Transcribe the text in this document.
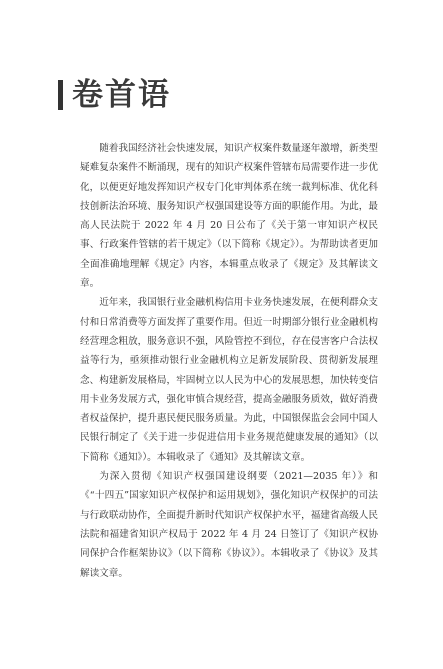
卷首语

随着我国经济社会快速发展，知识产权案件数量逐年激增，新类型疑难复杂案件不断涌现，现有的知识产权案件管辖布局需要作进一步优化，以便更好地发挥知识产权专门化审判体系在统一裁判标准、优化科技创新法治环境、服务知识产权强国建设等方面的职能作用。为此，最高人民法院于 2022 年 4 月 20 日公布了《关于第一审知识产权民事、行政案件管辖的若干规定》（以下简称《规定》）。为帮助读者更加全面准确地理解《规定》内容，本辑重点收录了《规定》及其解读文章。

近年来，我国银行业金融机构信用卡业务快速发展，在便利群众支付和日常消费等方面发挥了重要作用。但近一时期部分银行业金融机构经营理念粗放，服务意识不强，风险管控不到位，存在侵害客户合法权益等行为，亟须推动银行业金融机构立足新发展阶段、贯彻新发展理念、构建新发展格局，牢固树立以人民为中心的发展思想，加快转变信用卡业务发展方式，强化审慎合规经营，提高金融服务质效，做好消费者权益保护，提升惠民便民服务质量。为此，中国银保监会会同中国人民银行制定了《关于进一步促进信用卡业务规范健康发展的通知》（以下简称《通知》）。本辑收录了《通知》及其解读文章。

为深入贯彻《知识产权强国建设纲要（2021—2035 年）》和《“十四五”国家知识产权保护和运用规划》，强化知识产权保护的司法与行政联动协作，全面提升新时代知识产权保护水平，福建省高级人民法院和福建省知识产权局于 2022 年 4 月 24 日签订了《知识产权协同保护合作框架协议》（以下简称《协议》）。本辑收录了《协议》及其解读文章。
